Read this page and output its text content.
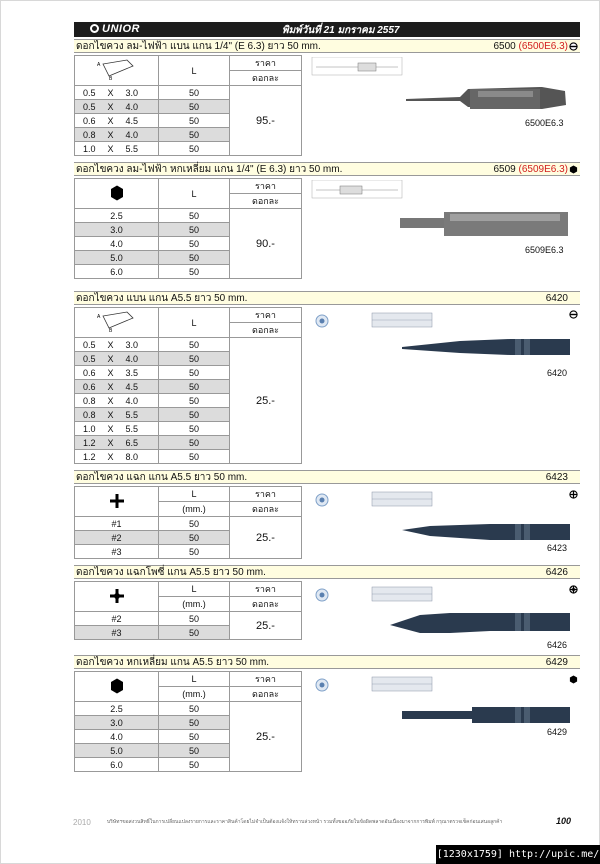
UNIOR	พิมพ์วันที่ 21 มกราคม 2557
ดอกไขควง ลม-ไฟฟ้า แบน แกน 1/4" (E 6.3) ยาว 50 mm.	6500 (6500E6.3)
A
B	L	ราคา
		ดอกละ
0.5 X 3.0	50	95.-
0.5 X 4.0	50	
0.6 X 4.5	50	
0.8 X 4.0	50	
1.0 X 5.5	50	
6500E6.3
ดอกไขควง ลม-ไฟฟ้า หกเหลี่ยม แกน 1/4" (E 6.3) ยาว 50 mm.	6509 (6509E6.3)
	L	ราคา
		ดอกละ
2.5	50	90.-
3.0	50	
4.0	50	
5.0	50	
6.0	50	
6509E6.3
ดอกไขควง แบน แกน A5.5 ยาว 50 mm.	6420
A
B	L	ราคา
		ดอกละ
0.5 X 3.0	50	25.-
0.5 X 4.0	50	
0.6 X 3.5	50	
0.6 X 4.5	50	
0.8 X 4.0	50	
0.8 X 5.5	50	
1.0 X 5.5	50	
1.2 X 6.5	50	
1.2 X 8.0	50	
6420
ดอกไขควง แฉก แกน A5.5 ยาว 50 mm.	6423
	L	ราคา
	(mm.)	ดอกละ
#1	50	25.-
#2	50	
#3	50		6423
ดอกไขควง แฉกโพซี่ แกน A5.5 ยาว 50 mm.	6426
	L	ราคา
	(mm.)	ดอกละ
#2	50	25.-
#3	50	
6426
ดอกไขควง หกเหลี่ยม แกน A5.5 ยาว 50 mm.	6429
	L	ราคา
	(mm.)	ดอกละ
2.5	50	25.-
3.0	50	
4.0	50	
5.0	50	
6.0	50	
6429
2010	บริษัทฯขอสงวนสิทธิ์ในการเปลี่ยนแปลงรายการและราคาสินค้าโดยไม่จำเป็นต้องแจ้งให้ทราบล่วงหน้า รวมทั้งขออภัยในข้อผิดพลาดอันเนื่องมาจากการพิมพ์ กรุณาตรวจเช็คก่อนเสนอลูกค้า	100
[1230x1759] http://upic.me/
